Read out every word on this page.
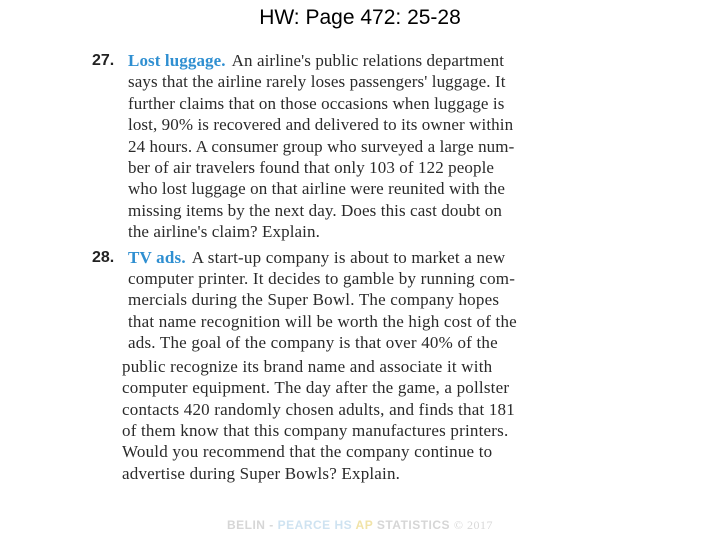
HW: Page 472: 25-28
27. Lost luggage. An airline's public relations department
says that the airline rarely loses passengers' luggage. It
further claims that on those occasions when luggage is
lost, 90% is recovered and delivered to its owner within
24 hours. A consumer group who surveyed a large num-
ber of air travelers found that only 103 of 122 people
who lost luggage on that airline were reunited with the
missing items by the next day. Does this cast doubt on
the airline's claim? Explain.
28. TV ads. A start-up company is about to market a new
computer printer. It decides to gamble by running com-
mercials during the Super Bowl. The company hopes
that name recognition will be worth the high cost of the
ads. The goal of the company is that over 40% of the
public recognize its brand name and associate it with
computer equipment. The day after the game, a pollster
contacts 420 randomly chosen adults, and finds that 181
of them know that this company manufactures printers.
Would you recommend that the company continue to
advertise during Super Bowls? Explain.
BELIN - PEARCE HS AP STATISTICS © 2017
